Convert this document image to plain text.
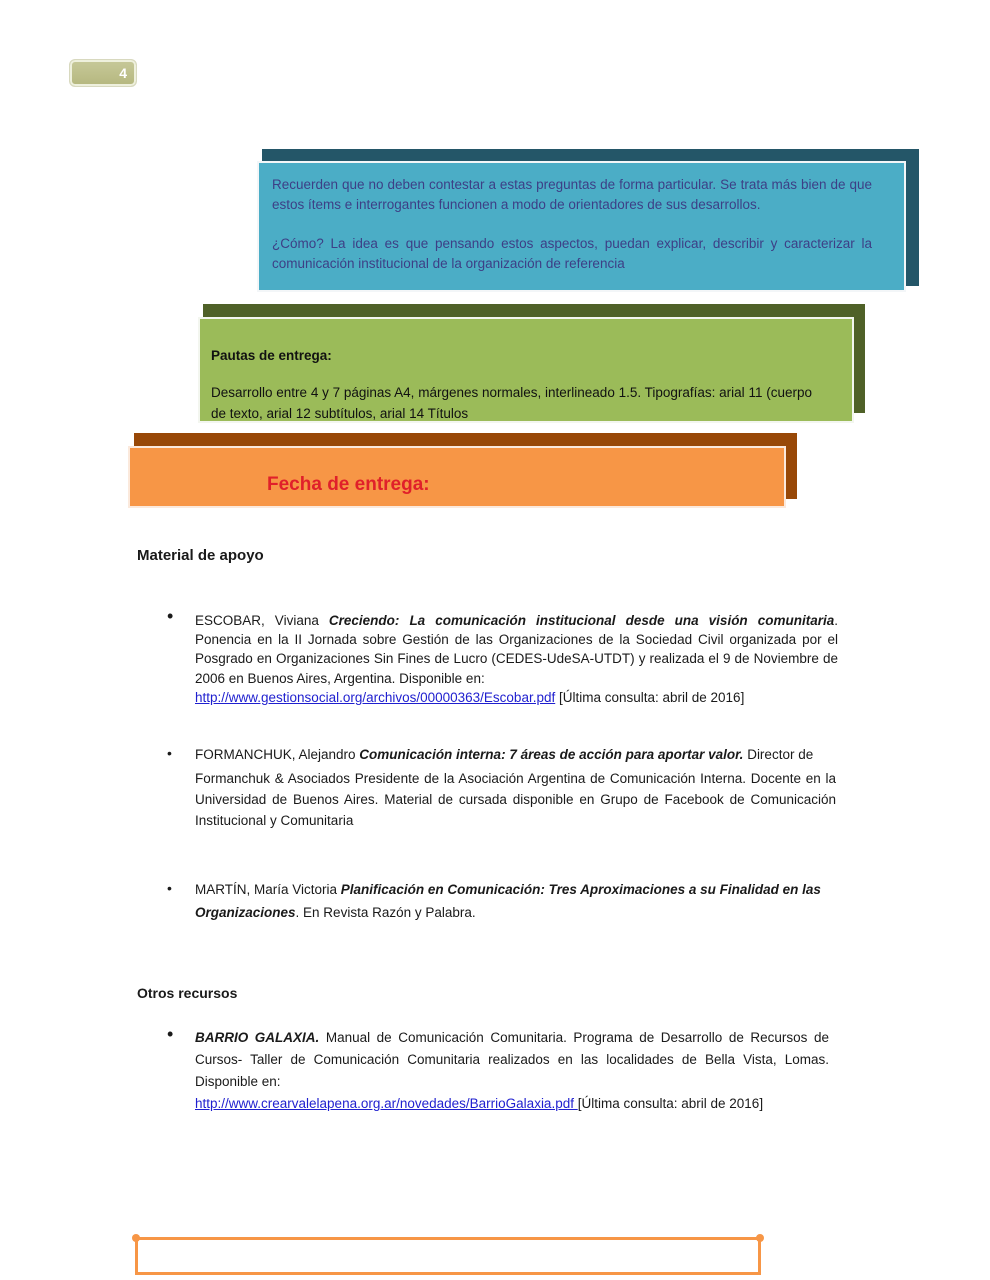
4

Recuerden que no deben contestar a estas preguntas de forma particular. Se trata más bien de que estos ítems e interrogantes funcionen a modo de orientadores de sus desarrollos.

¿Cómo? La idea es que pensando estos aspectos, puedan explicar, describir y caracterizar la comunicación institucional de la organización de referencia

Pautas de entrega:

Desarrollo entre 4 y 7 páginas A4, márgenes normales, interlineado 1.5. Tipografías: arial 11 (cuerpo de texto, arial 12 subtítulos, arial 14 Títulos

Fecha de entrega:
Material de apoyo
• ESCOBAR, Viviana Creciendo: La comunicación institucional desde una visión comunitaria. Ponencia en la II Jornada sobre Gestión de las Organizaciones de la Sociedad Civil organizada por el Posgrado en Organizaciones Sin Fines de Lucro (CEDES-UdeSA-UTDT) y realizada el 9 de Noviembre de 2006 en Buenos Aires, Argentina. Disponible en:
http://www.gestionsocial.org/archivos/00000363/Escobar.pdf [Última consulta: abril de 2016]
• FORMANCHUK, Alejandro Comunicación interna: 7 áreas de acción para aportar valor. Director de
Formanchuk & Asociados Presidente de la Asociación Argentina de Comunicación Interna. Docente en la Universidad de Buenos Aires. Material de cursada disponible en Grupo de Facebook de Comunicación Institucional y Comunitaria
• MARTÍN, María Victoria Planificación en Comunicación: Tres Aproximaciones a su Finalidad en las
Organizaciones. En Revista Razón y Palabra.
Otros recursos
• BARRIO GALAXIA. Manual de Comunicación Comunitaria. Programa de Desarrollo de Recursos de Cursos- Taller de Comunicación Comunitaria realizados en las localidades de Bella Vista, Lomas. Disponible en:
http://www.crearvalelapena.org.ar/novedades/BarrioGalaxia.pdf [Última consulta: abril de 2016]
